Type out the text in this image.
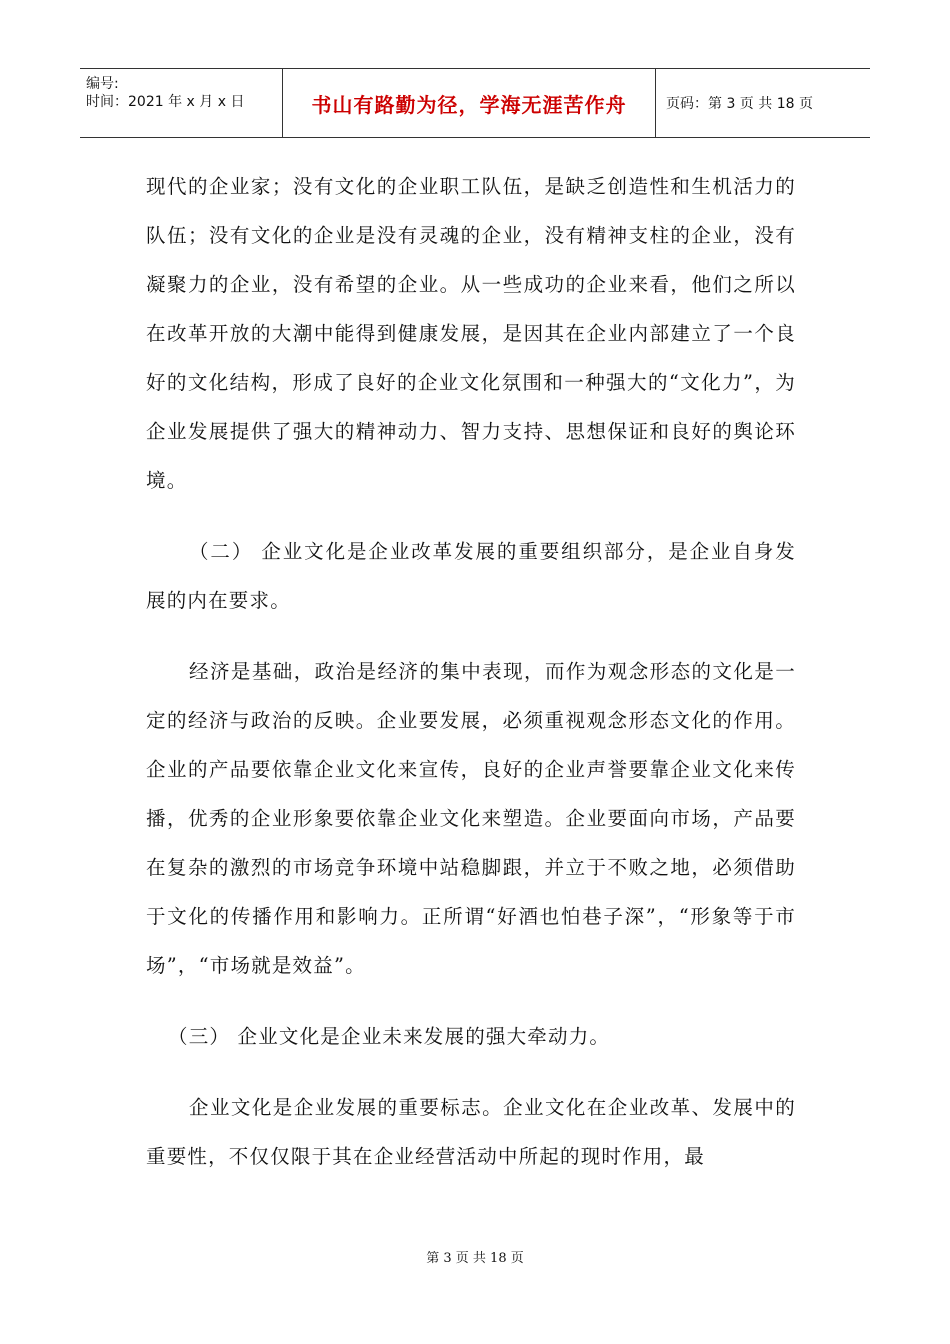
编号:
时间：2021 年 x 月 x 日	书山有路勤为径，学海无涯苦作舟	页码：第 3 页 共 18 页

现代的企业家；没有文化的企业职工队伍，是缺乏创造性和生机活力的队伍；没有文化的企业是没有灵魂的企业，没有精神支柱的企业，没有凝聚力的企业，没有希望的企业。从一些成功的企业来看，他们之所以在改革开放的大潮中能得到健康发展，是因其在企业内部建立了一个良好的文化结构，形成了良好的企业文化氛围和一种强大的“文化力”，为企业发展提供了强大的精神动力、智力支持、思想保证和良好的舆论环境。

（二） 企业文化是企业改革发展的重要组织部分，是企业自身发展的内在要求。

经济是基础，政治是经济的集中表现，而作为观念形态的文化是一定的经济与政治的反映。企业要发展，必须重视观念形态文化的作用。企业的产品要依靠企业文化来宣传，良好的企业声誉要靠企业文化来传播，优秀的企业形象要依靠企业文化来塑造。企业要面向市场，产品要在复杂的激烈的市场竞争环境中站稳脚跟，并立于不败之地，必须借助于文化的传播作用和影响力。正所谓“好酒也怕巷子深”，“形象等于市场”，“市场就是效益”。

（三） 企业文化是企业未来发展的强大牵动力。

企业文化是企业发展的重要标志。企业文化在企业改革、发展中的重要性，不仅仅限于其在企业经营活动中所起的现时作用，最

第 3 页 共 18 页
